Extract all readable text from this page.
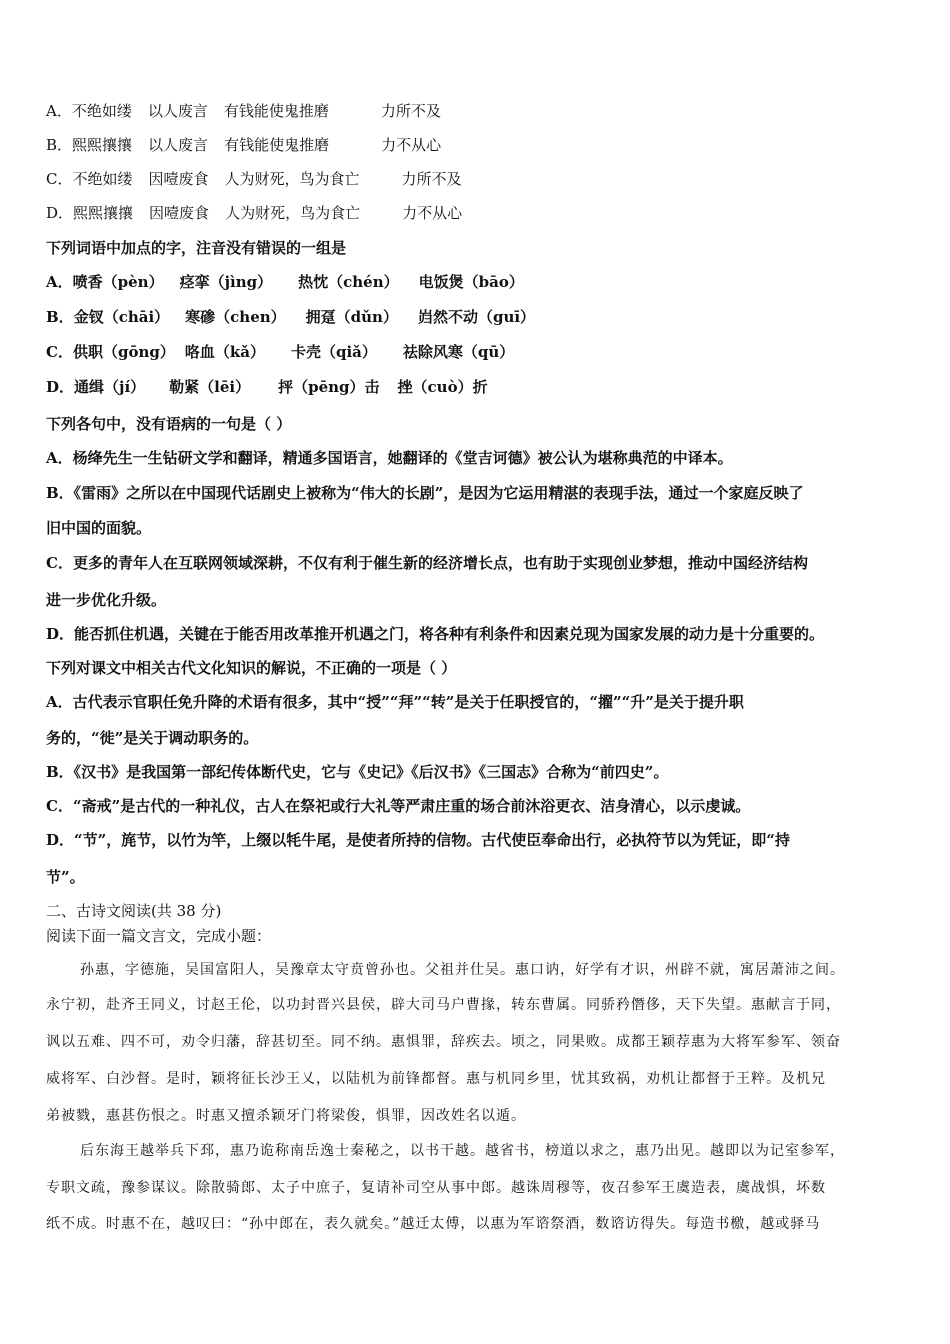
A．不绝如缕 以人废言 有钱能使鬼推磨	力所不及
B．熙熙攘攘 以人废言 有钱能使鬼推磨	力不从心
C．不绝如缕 因噎废食 人为财死，鸟为食亡	力所不及
D．熙熙攘攘 因噎废食 人为财死，鸟为食亡	力不从心
下列词语中加点的字，注音没有错误的一组是
A．喷香（pèn） 痉挛（jìng） 热忱（chén） 电饭煲（bāo）
B．金钗（chāi） 寒碜（chen） 拥趸（dǔn） 岿然不动（guī）
C．供职（gōng） 咯血（kǎ） 卡壳（qiǎ） 祛除风寒（qū）
D．通缉（jí） 勒紧（lēi） 抨（pēng）击 挫（cuò）折
下列各句中，没有语病的一句是（ ）
A．杨绛先生一生钻研文学和翻译，精通多国语言，她翻译的《堂吉诃德》被公认为堪称典范的中译本。
B．《雷雨》之所以在中国现代话剧史上被称为“伟大的长剧”，是因为它运用精湛的表现手法，通过一个家庭反映了
旧中国的面貌。
C．更多的青年人在互联网领域深耕，不仅有利于催生新的经济增长点，也有助于实现创业梦想，推动中国经济结构
进一步优化升级。
D．能否抓住机遇，关键在于能否用改革推开机遇之门，将各种有利条件和因素兑现为国家发展的动力是十分重要的。
下列对课文中相关古代文化知识的解说，不正确的一项是（ ）
A．古代表示官职任免升降的术语有很多，其中“授”“拜”“转”是关于任职授官的，“擢”“升”是关于提升职
务的，“徙”是关于调动职务的。
B．《汉书》是我国第一部纪传体断代史，它与《史记》《后汉书》《三国志》合称为“前四史”。
C．“斋戒”是古代的一种礼仪，古人在祭祀或行大礼等严肃庄重的场合前沐浴更衣、洁身清心，以示虔诚。
D．“节”，旄节，以竹为竿，上缀以牦牛尾，是使者所持的信物。古代使臣奉命出行，必执符节以为凭证，即“持
节”。
二、古诗文阅读(共 38 分)
阅读下面一篇文言文，完成小题：
孙惠，字德施，吴国富阳人，吴豫章太守贲曾孙也。父祖并仕吴。惠口讷，好学有才识，州辟不就，寓居萧沛之间。
永宁初，赴齐王同义，讨赵王伦，以功封晋兴县侯，辟大司马户曹掾，转东曹属。同骄矜僭侈，天下失望。惠献言于同，
讽以五难、四不可，劝令归藩，辞甚切至。同不纳。惠惧罪，辞疾去。顷之，同果败。成都王颖荐惠为大将军参军、领奋
威将军、白沙督。是时，颖将征长沙王乂，以陆机为前锋都督。惠与机同乡里，忧其致祸，劝机让都督于王粹。及机兄
弟被戮，惠甚伤恨之。时惠又擅杀颖牙门将梁俊，惧罪，因改姓名以遁。
后东海王越举兵下邳，惠乃诡称南岳逸士秦秘之，以书干越。越省书，榜道以求之，惠乃出见。越即以为记室参军，
专职文疏，豫参谋议。除散骑郎、太子中庶子，复请补司空从事中郎。越诛周穆等，夜召参军王虞造表，虞战惧，坏数
纸不成。时惠不在，越叹曰：“孙中郎在，表久就矣。”越迁太傅，以惠为军谘祭酒，数谘访得失。每造书檄，越或驿马
